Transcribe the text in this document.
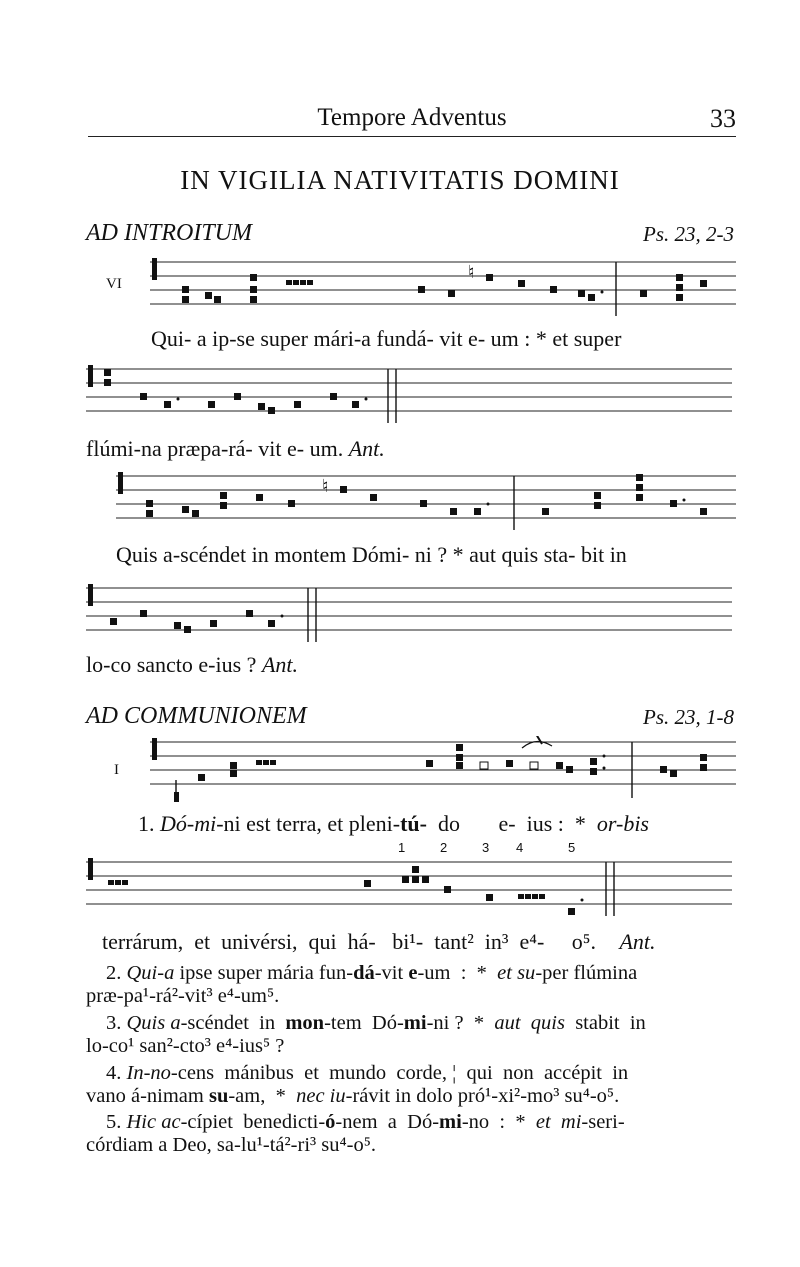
Tempore Adventus	33
IN VIGILIA NATIVITATIS DOMINI
AD INTROITUM	Ps. 23, 2-3
VI
♮
Qui- a ip-se super mári-a fundá- vit e- um : * et super
flúmi-na præpa-rá- vit e- um. Ant.
♮
Quis a-scéndet in montem Dómi- ni ? * aut quis sta- bit in
lo-co sancto e-ius ? Ant.
AD COMMUNIONEM	Ps. 23, 1-8
I
1. Dó-mi-ni est terra, et pleni-tú-  do       e-  ius :  *  or-bis
1	2	3 4	5
terrárum,  et  univérsi,  qui  há-   bi¹-  tant²  in³  e⁴-     o⁵. Ant.
2. Qui-a ipse super mária fun-dá-vit e-um  :  *  et su-per flúmina
præ-pa¹-rá²-vit³ e⁴-um⁵.
3. Quis a-scéndet  in  mon-tem  Dó-mi-ni ?  *  aut  quis  stabit  in
lo-co¹ san²-cto³ e⁴-ius⁵ ?
4. In-no-cens  mánibus  et  mundo  corde, ¦  qui  non  accépit  in
vano á-nimam su-am,  *  nec iu-rávit in dolo pró¹-xi²-mo³ su⁴-o⁵.
5. Hic ac-cípiet  benedicti-ó-nem  a  Dó-mi-no  :  *  et  mi-seri-
córdiam a Deo, sa-lu¹-tá²-ri³ su⁴-o⁵.
